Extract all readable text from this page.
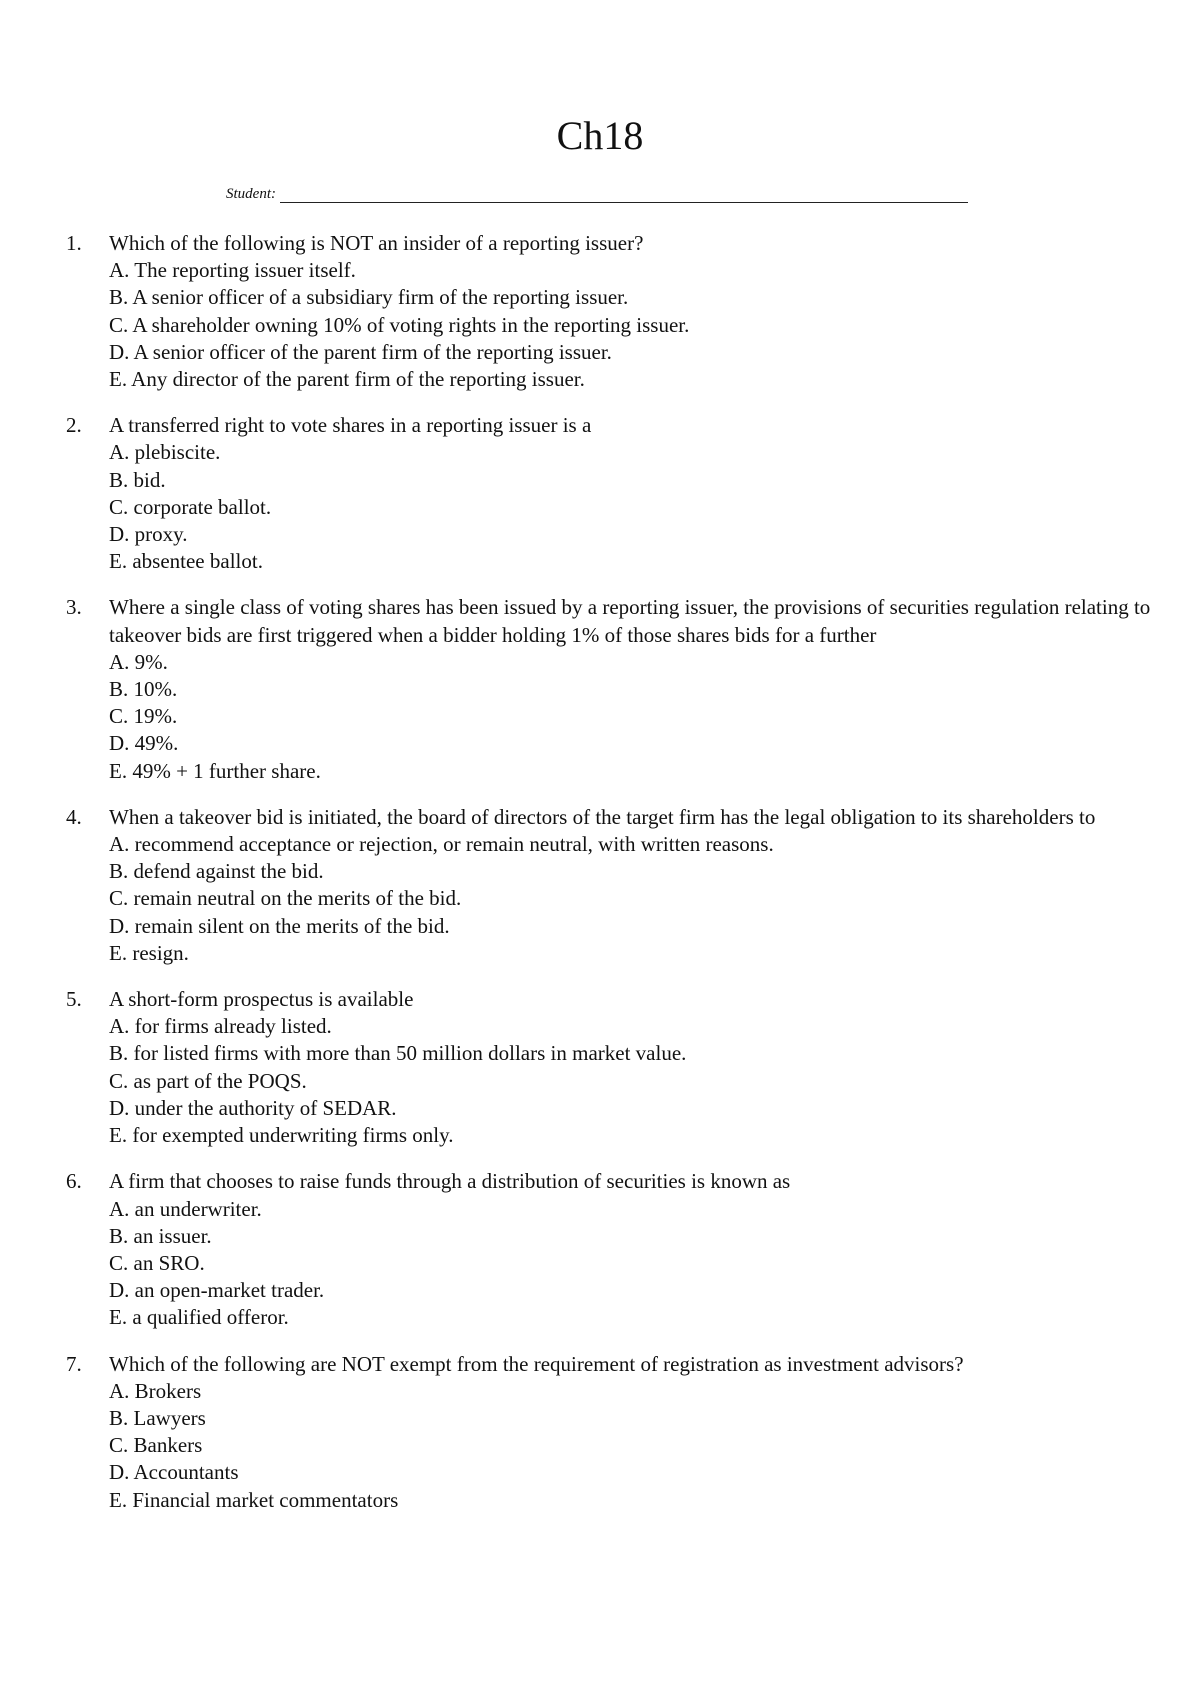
Ch18
Student:
1. Which of the following is NOT an insider of a reporting issuer?
A. The reporting issuer itself.
B. A senior officer of a subsidiary firm of the reporting issuer.
C. A shareholder owning 10% of voting rights in the reporting issuer.
D. A senior officer of the parent firm of the reporting issuer.
E. Any director of the parent firm of the reporting issuer.
2. A transferred right to vote shares in a reporting issuer is a
A. plebiscite.
B. bid.
C. corporate ballot.
D. proxy.
E. absentee ballot.
3. Where a single class of voting shares has been issued by a reporting issuer, the provisions of securities regulation relating to takeover bids are first triggered when a bidder holding 1% of those shares bids for a further
A. 9%.
B. 10%.
C. 19%.
D. 49%.
E. 49% + 1 further share.
4. When a takeover bid is initiated, the board of directors of the target firm has the legal obligation to its shareholders to
A. recommend acceptance or rejection, or remain neutral, with written reasons.
B. defend against the bid.
C. remain neutral on the merits of the bid.
D. remain silent on the merits of the bid.
E. resign.
5. A short-form prospectus is available
A. for firms already listed.
B. for listed firms with more than 50 million dollars in market value.
C. as part of the POQS.
D. under the authority of SEDAR.
E. for exempted underwriting firms only.
6. A firm that chooses to raise funds through a distribution of securities is known as
A. an underwriter.
B. an issuer.
C. an SRO.
D. an open-market trader.
E. a qualified offeror.
7. Which of the following are NOT exempt from the requirement of registration as investment advisors?
A. Brokers
B. Lawyers
C. Bankers
D. Accountants
E. Financial market commentators
